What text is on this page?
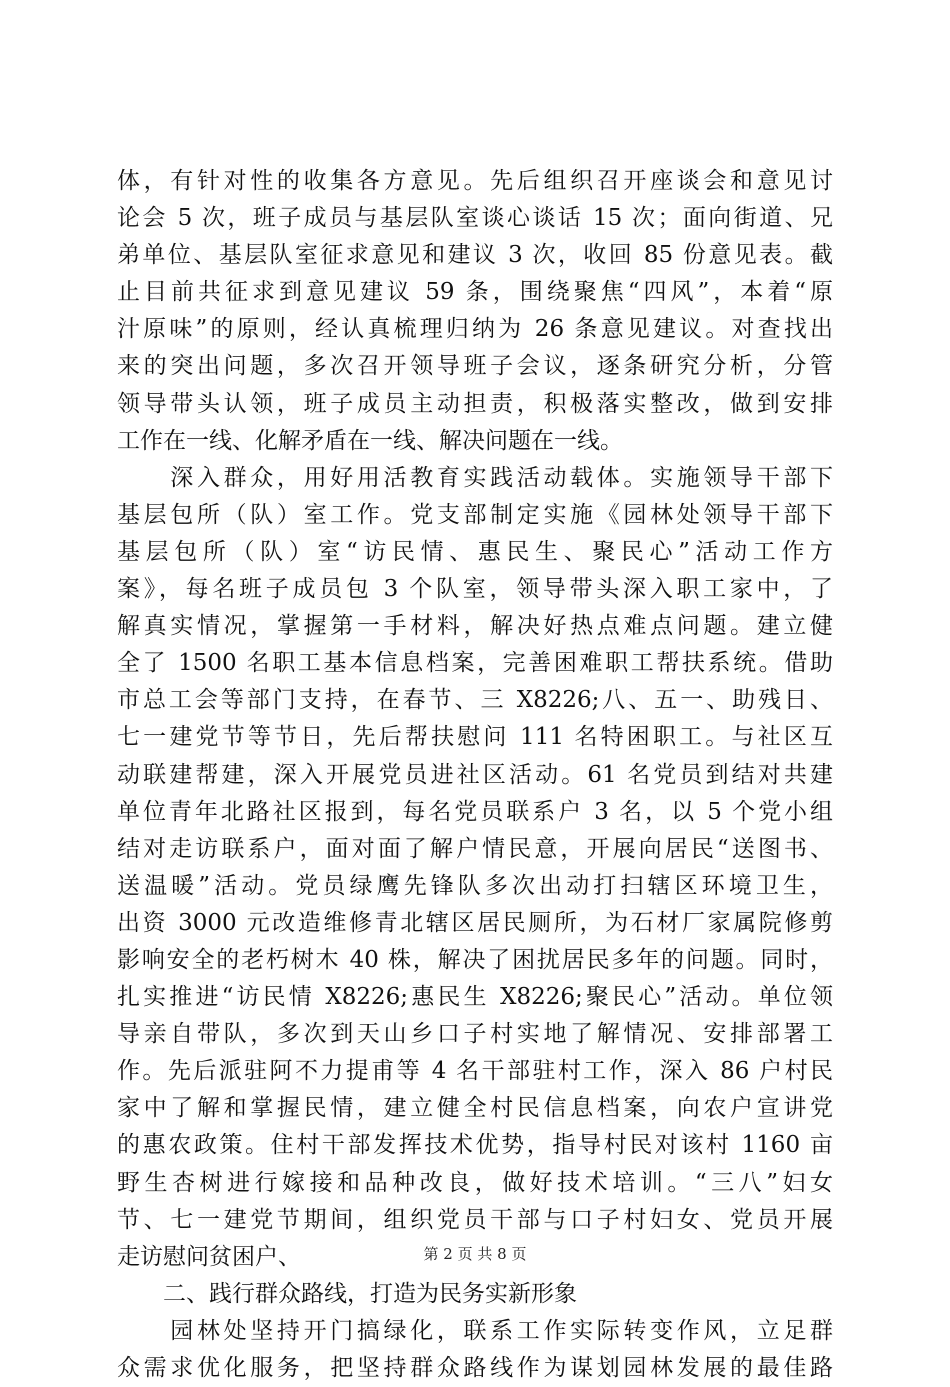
体，有针对性的收集各方意见。先后组织召开座谈会和意见讨
论会 5 次，班子成员与基层队室谈心谈话 15 次；面向街道、兄
弟单位、基层队室征求意见和建议 3 次，收回 85 份意见表。截
止目前共征求到意见建议 59 条，围绕聚焦“四风”，本着“原
汁原味”的原则，经认真梳理归纳为 26 条意见建议。对查找出
来的突出问题，多次召开领导班子会议，逐条研究分析，分管
领导带头认领，班子成员主动担责，积极落实整改，做到安排
工作在一线、化解矛盾在一线、解决问题在一线。
　　深入群众，用好用活教育实践活动载体。实施领导干部下
基层包所（队）室工作。党支部制定实施《园林处领导干部下
基层包所（队）室“访民情、惠民生、聚民心”活动工作方
案》，每名班子成员包 3 个队室，领导带头深入职工家中，了
解真实情况，掌握第一手材料，解决好热点难点问题。建立健
全了 1500 名职工基本信息档案，完善困难职工帮扶系统。借助
市总工会等部门支持，在春节、三 X8226;八、五一、助残日、
七一建党节等节日，先后帮扶慰问 111 名特困职工。与社区互
动联建帮建，深入开展党员进社区活动。61 名党员到结对共建
单位青年北路社区报到，每名党员联系户 3 名，以 5 个党小组
结对走访联系户，面对面了解户情民意，开展向居民“送图书、
送温暖”活动。党员绿鹰先锋队多次出动打扫辖区环境卫生，
出资 3000 元改造维修青北辖区居民厕所，为石材厂家属院修剪
影响安全的老朽树木 40 株，解决了困扰居民多年的问题。同时，
扎实推进“访民情 X8226;惠民生 X8226;聚民心”活动。单位领
导亲自带队，多次到天山乡口子村实地了解情况、安排部署工
作。先后派驻阿不力提甫等 4 名干部驻村工作，深入 86 户村民
家中了解和掌握民情，建立健全村民信息档案，向农户宣讲党
的惠农政策。住村干部发挥技术优势，指导村民对该村 1160 亩
野生杏树进行嫁接和品种改良，做好技术培训。“三八”妇女
节、七一建党节期间，组织党员干部与口子村妇女、党员开展
走访慰问贫困户、
　　二、践行群众路线，打造为民务实新形象
　　园林处坚持开门搞绿化，联系工作实际转变作风，立足群
众需求优化服务，把坚持群众路线作为谋划园林发展的最佳路
第 2 页 共 8 页
